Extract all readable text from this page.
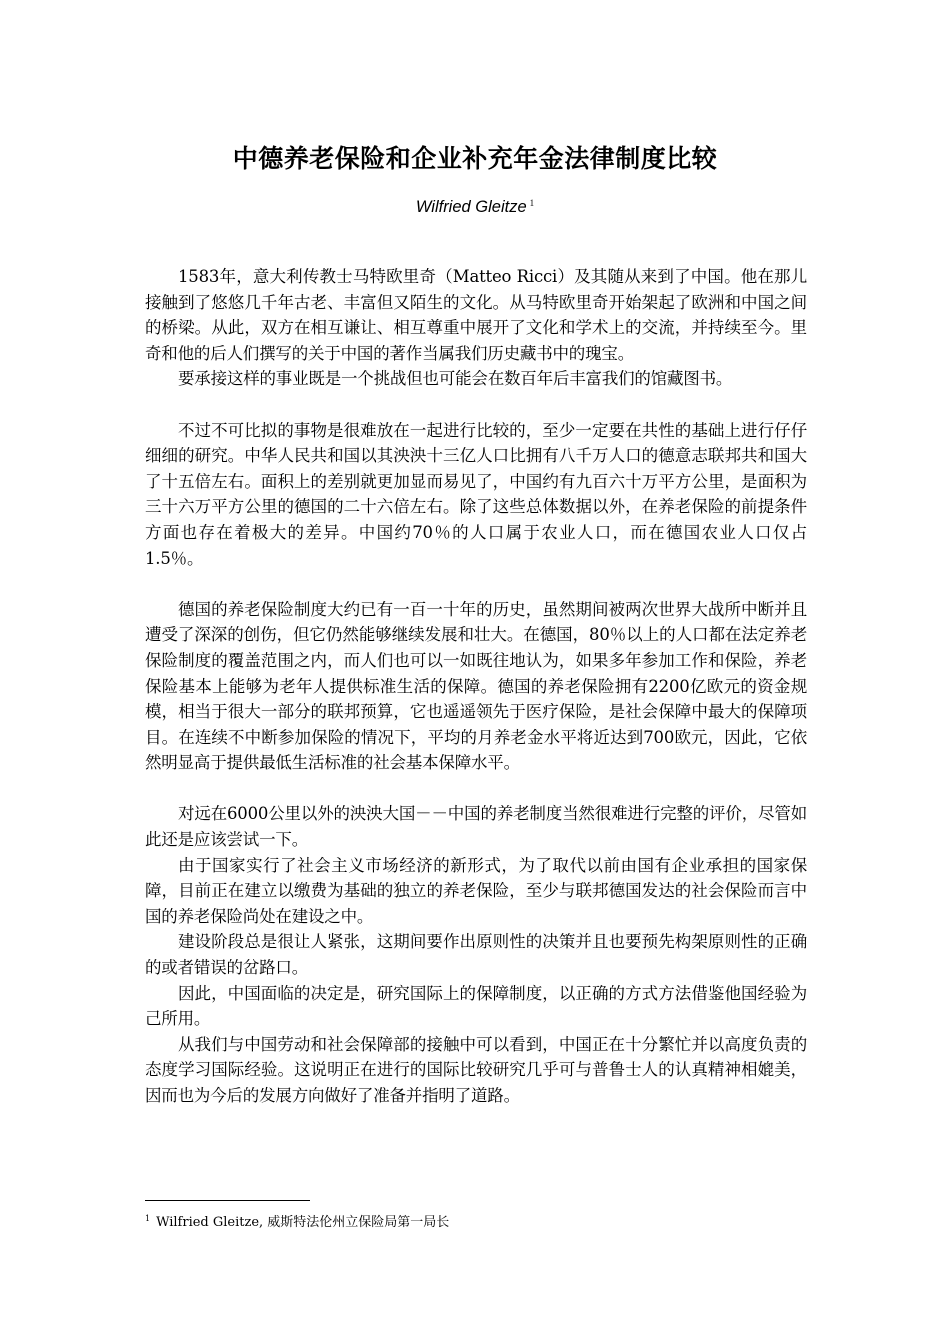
中德养老保险和企业补充年金法律制度比较
Wilfried Gleitze $^1$

1583年，意大利传教士马特欧里奇（Matteo Ricci）及其随从来到了中国。他在那儿接触到了悠悠几千年古老、丰富但又陌生的文化。从马特欧里奇开始架起了欧洲和中国之间的桥梁。从此，双方在相互谦让、相互尊重中展开了文化和学术上的交流，并持续至今。里奇和他的后人们撰写的关于中国的著作当属我们历史藏书中的瑰宝。

要承接这样的事业既是一个挑战但也可能会在数百年后丰富我们的馆藏图书。

不过不可比拟的事物是很难放在一起进行比较的，至少一定要在共性的基础上进行仔仔细细的研究。中华人民共和国以其泱泱十三亿人口比拥有八千万人口的德意志联邦共和国大了十五倍左右。面积上的差别就更加显而易见了，中国约有九百六十万平方公里，是面积为三十六万平方公里的德国的二十六倍左右。除了这些总体数据以外，在养老保险的前提条件方面也存在着极大的差异。中国约70％的人口属于农业人口，而在德国农业人口仅占1.5％。

德国的养老保险制度大约已有一百一十年的历史，虽然期间被两次世界大战所中断并且遭受了深深的创伤，但它仍然能够继续发展和壮大。在德国，80％以上的人口都在法定养老保险制度的覆盖范围之内，而人们也可以一如既往地认为，如果多年参加工作和保险，养老保险基本上能够为老年人提供标准生活的保障。德国的养老保险拥有2200亿欧元的资金规模，相当于很大一部分的联邦预算，它也遥遥领先于医疗保险，是社会保障中最大的保障项目。在连续不中断参加保险的情况下，平均的月养老金水平将近达到700欧元，因此，它依然明显高于提供最低生活标准的社会基本保障水平。

对远在6000公里以外的泱泱大国－－中国的养老制度当然很难进行完整的评价，尽管如此还是应该尝试一下。

由于国家实行了社会主义市场经济的新形式，为了取代以前由国有企业承担的国家保障，目前正在建立以缴费为基础的独立的养老保险，至少与联邦德国发达的社会保险而言中国的养老保险尚处在建设之中。

建设阶段总是很让人紧张，这期间要作出原则性的决策并且也要预先构架原则性的正确的或者错误的岔路口。

因此，中国面临的决定是，研究国际上的保障制度，以正确的方式方法借鉴他国经验为己所用。

从我们与中国劳动和社会保障部的接触中可以看到，中国正在十分繁忙并以高度负责的态度学习国际经验。这说明正在进行的国际比较研究几乎可与普鲁士人的认真精神相媲美，因而也为今后的发展方向做好了准备并指明了道路。

$^1$ Wilfried Gleitze, 威斯特法伦州立保险局第一局长
